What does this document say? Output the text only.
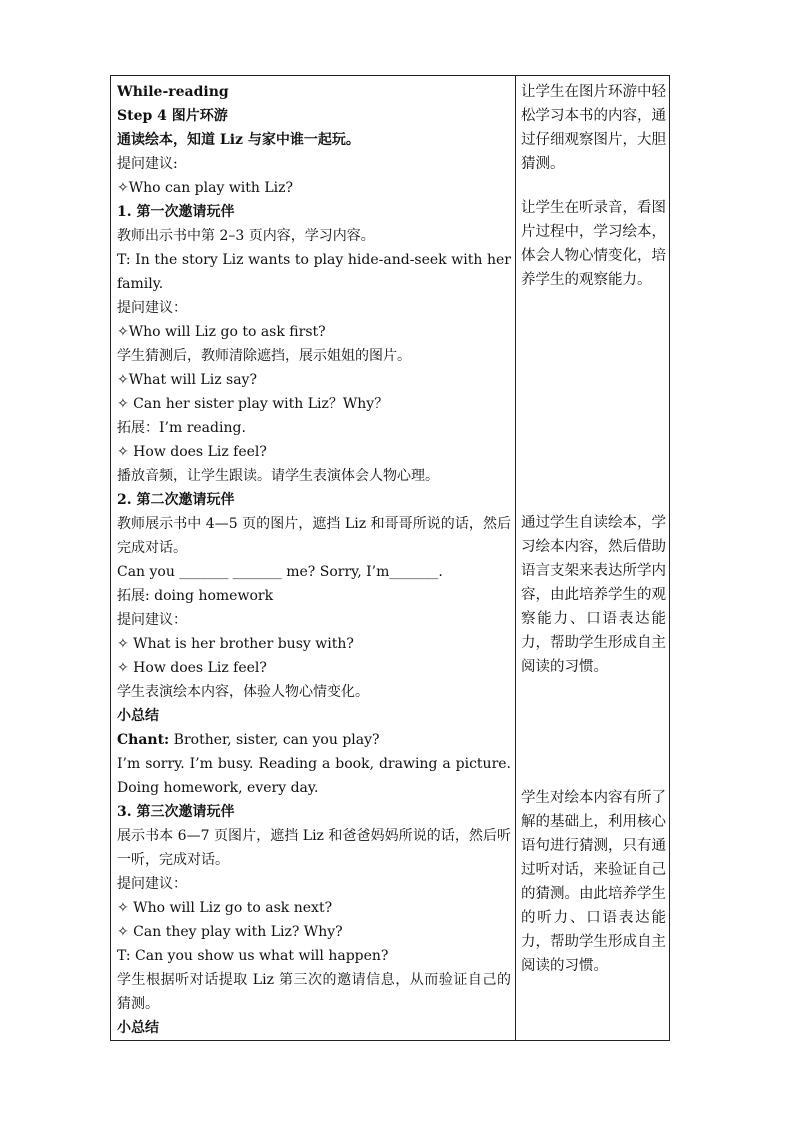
While-reading
Step 4 图片环游
通读绘本，知道 Liz 与家中谁一起玩。
提问建议:
✧Who can play with Liz?
1. 第一次邀请玩伴
教师出示书中第 2–3 页内容，学习内容。
T: In the story Liz wants to play hide-and-seek with her family.
提问建议：
✧Who will Liz go to ask first?
学生猜测后，教师清除遮挡，展示姐姐的图片。
✧What will Liz say?
✧ Can her sister play with Liz？Why？
拓展：I’m reading.
✧ How does Liz feel?
播放音频，让学生跟读。请学生表演体会人物心理。
2. 第二次邀请玩伴
教师展示书中 4—5 页的图片，遮挡 Liz 和哥哥所说的话，然后完成对话。
Can you _______ _______ me? Sorry, I’m_______.
拓展: doing homework
提问建议：
✧ What is her brother busy with?
✧ How does Liz feel?
学生表演绘本内容，体验人物心情变化。
小总结
Chant: Brother, sister, can you play?
I’m sorry. I’m busy. Reading a book, drawing a picture. Doing homework, every day.
3. 第三次邀请玩伴
展示书本 6—7 页图片，遮挡 Liz 和爸爸妈妈所说的话，然后听一听，完成对话。
提问建议：
✧ Who will Liz go to ask next?
✧ Can they play with Liz? Why?
T: Can you show us what will happen?
学生根据听对话提取 Liz 第三次的邀请信息，从而验证自己的猜测。
小总结
让学生在图片环游中轻松学习本书的内容，通过仔细观察图片，大胆猜测。
让学生在听录音，看图片过程中，学习绘本，体会人物心情变化，培养学生的观察能力。
通过学生自读绘本，学习绘本内容，然后借助语言支架来表达所学内容，由此培养学生的观察能力、口语表达能力，帮助学生形成自主阅读的习惯。
学生对绘本内容有所了解的基础上，利用核心语句进行猜测，只有通过听对话，来验证自己的猜测。由此培养学生的听力、口语表达能力，帮助学生形成自主阅读的习惯。
